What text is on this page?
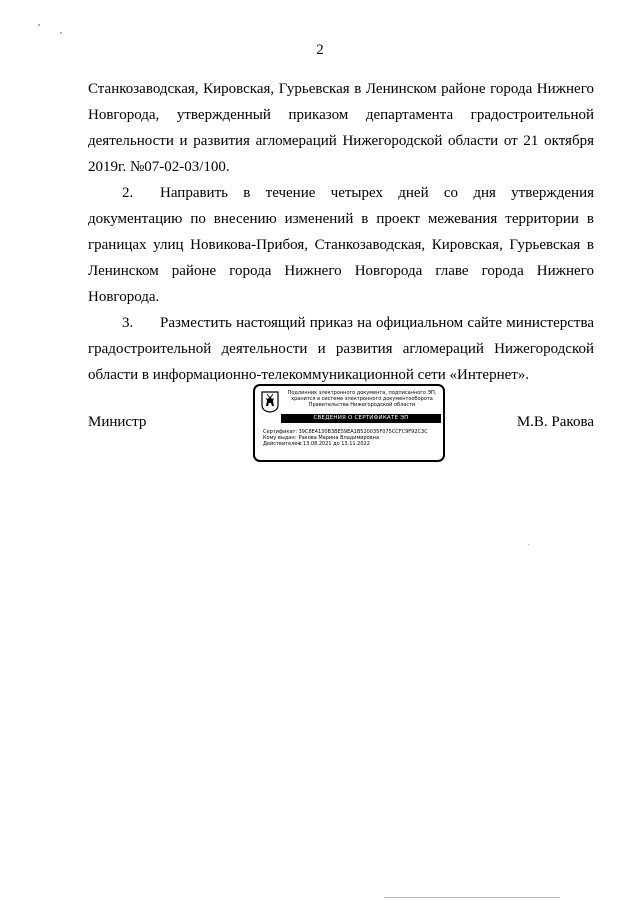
2

Станкозаводская, Кировская, Гурьевская в Ленинском районе города Нижнего Новгорода, утвержденный приказом департамента градостроительной деятельности и развития агломераций Нижегородской области от 21 октября 2019г. №07-02-03/100.

2. Направить в течение четырех дней со дня утверждения документацию по внесению изменений в проект межевания территории в границах улиц Новикова-Прибоя, Станкозаводская, Кировская, Гурьевская в Ленинском районе города Нижнего Новгорода главе города Нижнего Новгорода.

3. Разместить настоящий приказ на официальном сайте министерства градостроительной деятельности и развития агломераций Нижегородской области в информационно-телекоммуникационной сети «Интернет».

Министр
Подлинник электронного документа, подписанного ЭП,
хранится в системе электронного документооборота
Правительства Нижегородской области
СВЕДЕНИЯ О СЕРТИФИКАТЕ ЭП
Сертификат: 39C8E4130B3BE59EA1B520035F075CCFC9F92C3C
Кому выдан: Ракова Марина Владимировна
Действителен: с 13.08.2021 до 13.11.2022
М.В. Ракова
